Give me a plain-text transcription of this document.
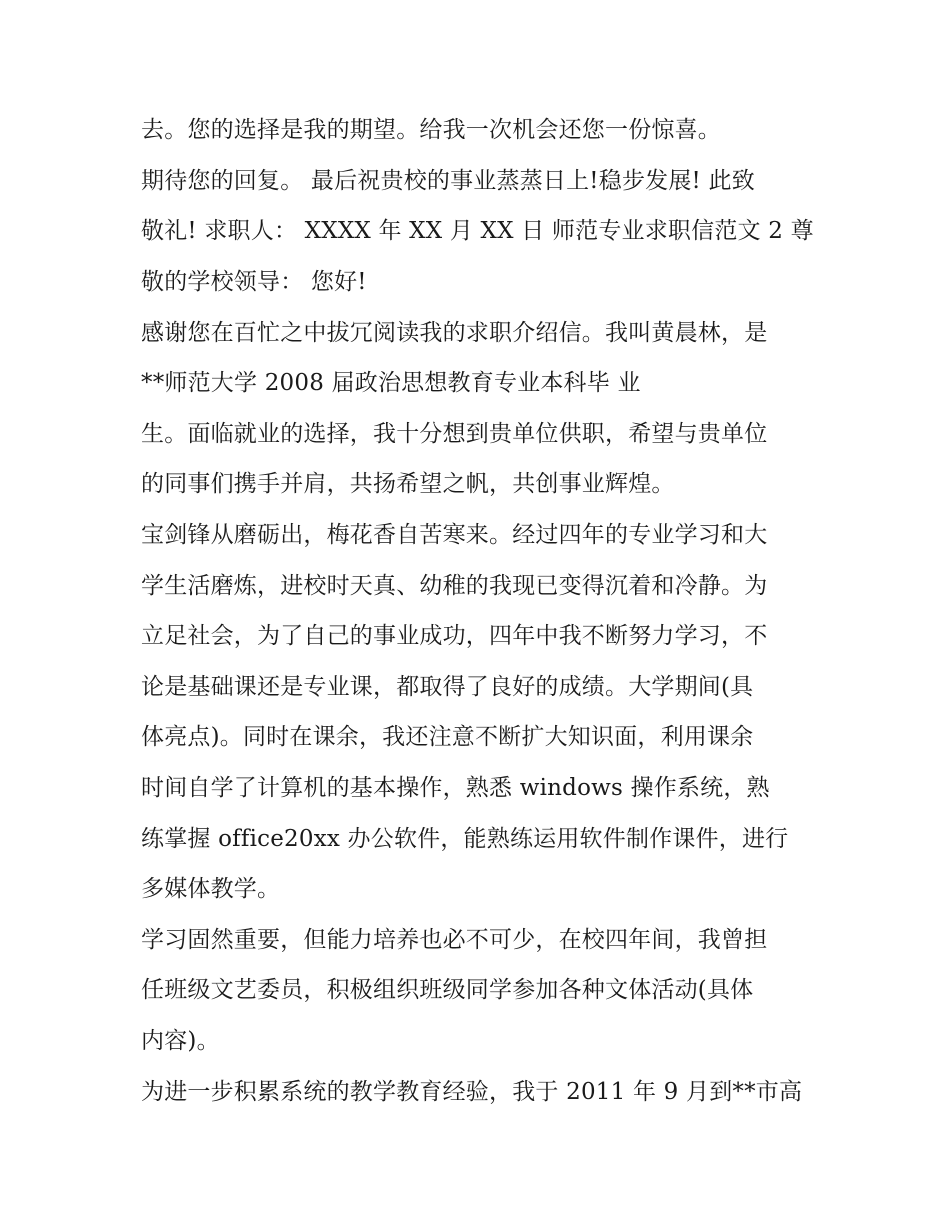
去。您的选择是我的期望。给我一次机会还您一份惊喜。
期待您的回复。 最后祝贵校的事业蒸蒸日上!稳步发展! 此致
敬礼! 求职人： XXXX 年 XX 月 XX 日 师范专业求职信范文 2 尊
敬的学校领导： 您好!
感谢您在百忙之中拔冗阅读我的求职介绍信。我叫黄晨林，是
**师范大学 2008 届政治思想教育专业本科毕 业
生。面临就业的选择，我十分想到贵单位供职，希望与贵单位
的同事们携手并肩，共扬希望之帆，共创事业辉煌。
宝剑锋从磨砺出，梅花香自苦寒来。经过四年的专业学习和大
学生活磨炼，进校时天真、幼稚的我现已变得沉着和冷静。为
立足社会，为了自己的事业成功，四年中我不断努力学习，不
论是基础课还是专业课，都取得了良好的成绩。大学期间(具
体亮点)。同时在课余，我还注意不断扩大知识面，利用课余
时间自学了计算机的基本操作，熟悉 windows 操作系统，熟
练掌握 office20xx 办公软件，能熟练运用软件制作课件，进行
多媒体教学。
学习固然重要，但能力培养也必不可少，在校四年间，我曾担
任班级文艺委员，积极组织班级同学参加各种文体活动(具体
内容)。
为进一步积累系统的教学教育经验，我于 2011 年 9 月到**市高
